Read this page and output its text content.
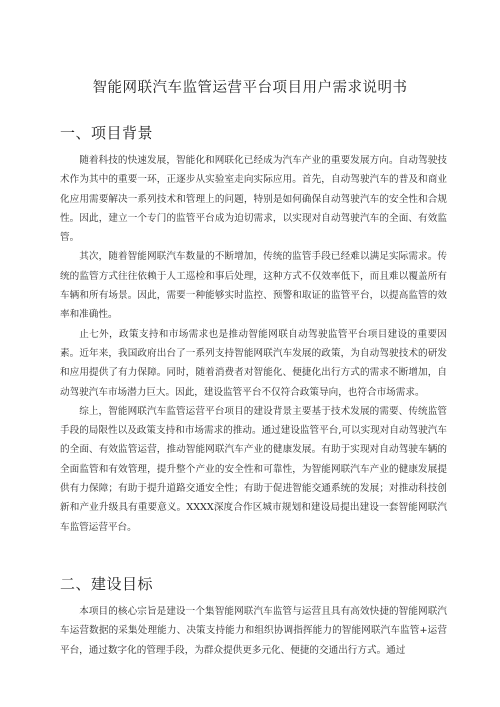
智能网联汽车监管运营平台项目用户需求说明书
一、项目背景

随着科技的快速发展，智能化和网联化已经成为汽车产业的重要发展方向。自动驾驶技术作为其中的重要一环，正逐步从实验室走向实际应用。首先，自动驾驶汽车的普及和商业化应用需要解决一系列技术和管理上的问题，特别是如何确保自动驾驶汽车的安全性和合规性。因此，建立一个专门的监管平台成为迫切需求，以实现对自动驾驶汽车的全面、有效监管。

其次，随着智能网联汽车数量的不断增加，传统的监管手段已经难以满足实际需求。传统的监管方式往往依赖于人工巡检和事后处理，这种方式不仅效率低下，而且难以覆盖所有车辆和所有场景。因此，需要一种能够实时监控、预警和取证的监管平台，以提高监管的效率和准确性。

止七外，政策支持和市场需求也是推动智能网联自动驾驶监管平台项目建设的重要因素。近年来，我国政府出台了一系列支持智能网联汽车发展的政策，为自动驾驶技术的研发和应用提供了有力保障。同时，随着消费者对智能化、便捷化出行方式的需求不断增加，自动驾驶汽车市场潜力巨大。因此，建设监管平台不仅符合政策导向，也符合市场需求。

综上，智能网联汽车监管运营平台项目的建设背景主要基于技术发展的需要、传统监管手段的局限性以及政策支持和市场需求的推动。通过建设监管平台,可以实现对自动驾驶汽车的全面、有效监管运营，推动智能网联汽车产业的健康发展。有助于实现对自动驾驶车辆的全面监管和有效管理，提升整个产业的安全性和可靠性，为智能网联汽车产业的健康发展提供有力保障；有助于提升道路交通安全性；有助于促进智能交通系统的发展；对推动科技创新和产业升级具有重要意义。XXXX深度合作区城市规划和建设局提出建设一套智能网联汽车监管运营平台。

二、建设目标

本项目的核心宗旨是建设一个集智能网联汽车监管与运营且具有高效快捷的智能网联汽车运营数据的采集处理能力、决策支持能力和组织协调指挥能力的智能网联汽车监管+运营平台，通过数字化的管理手段，为群众提供更多元化、便捷的交通出行方式。通过
